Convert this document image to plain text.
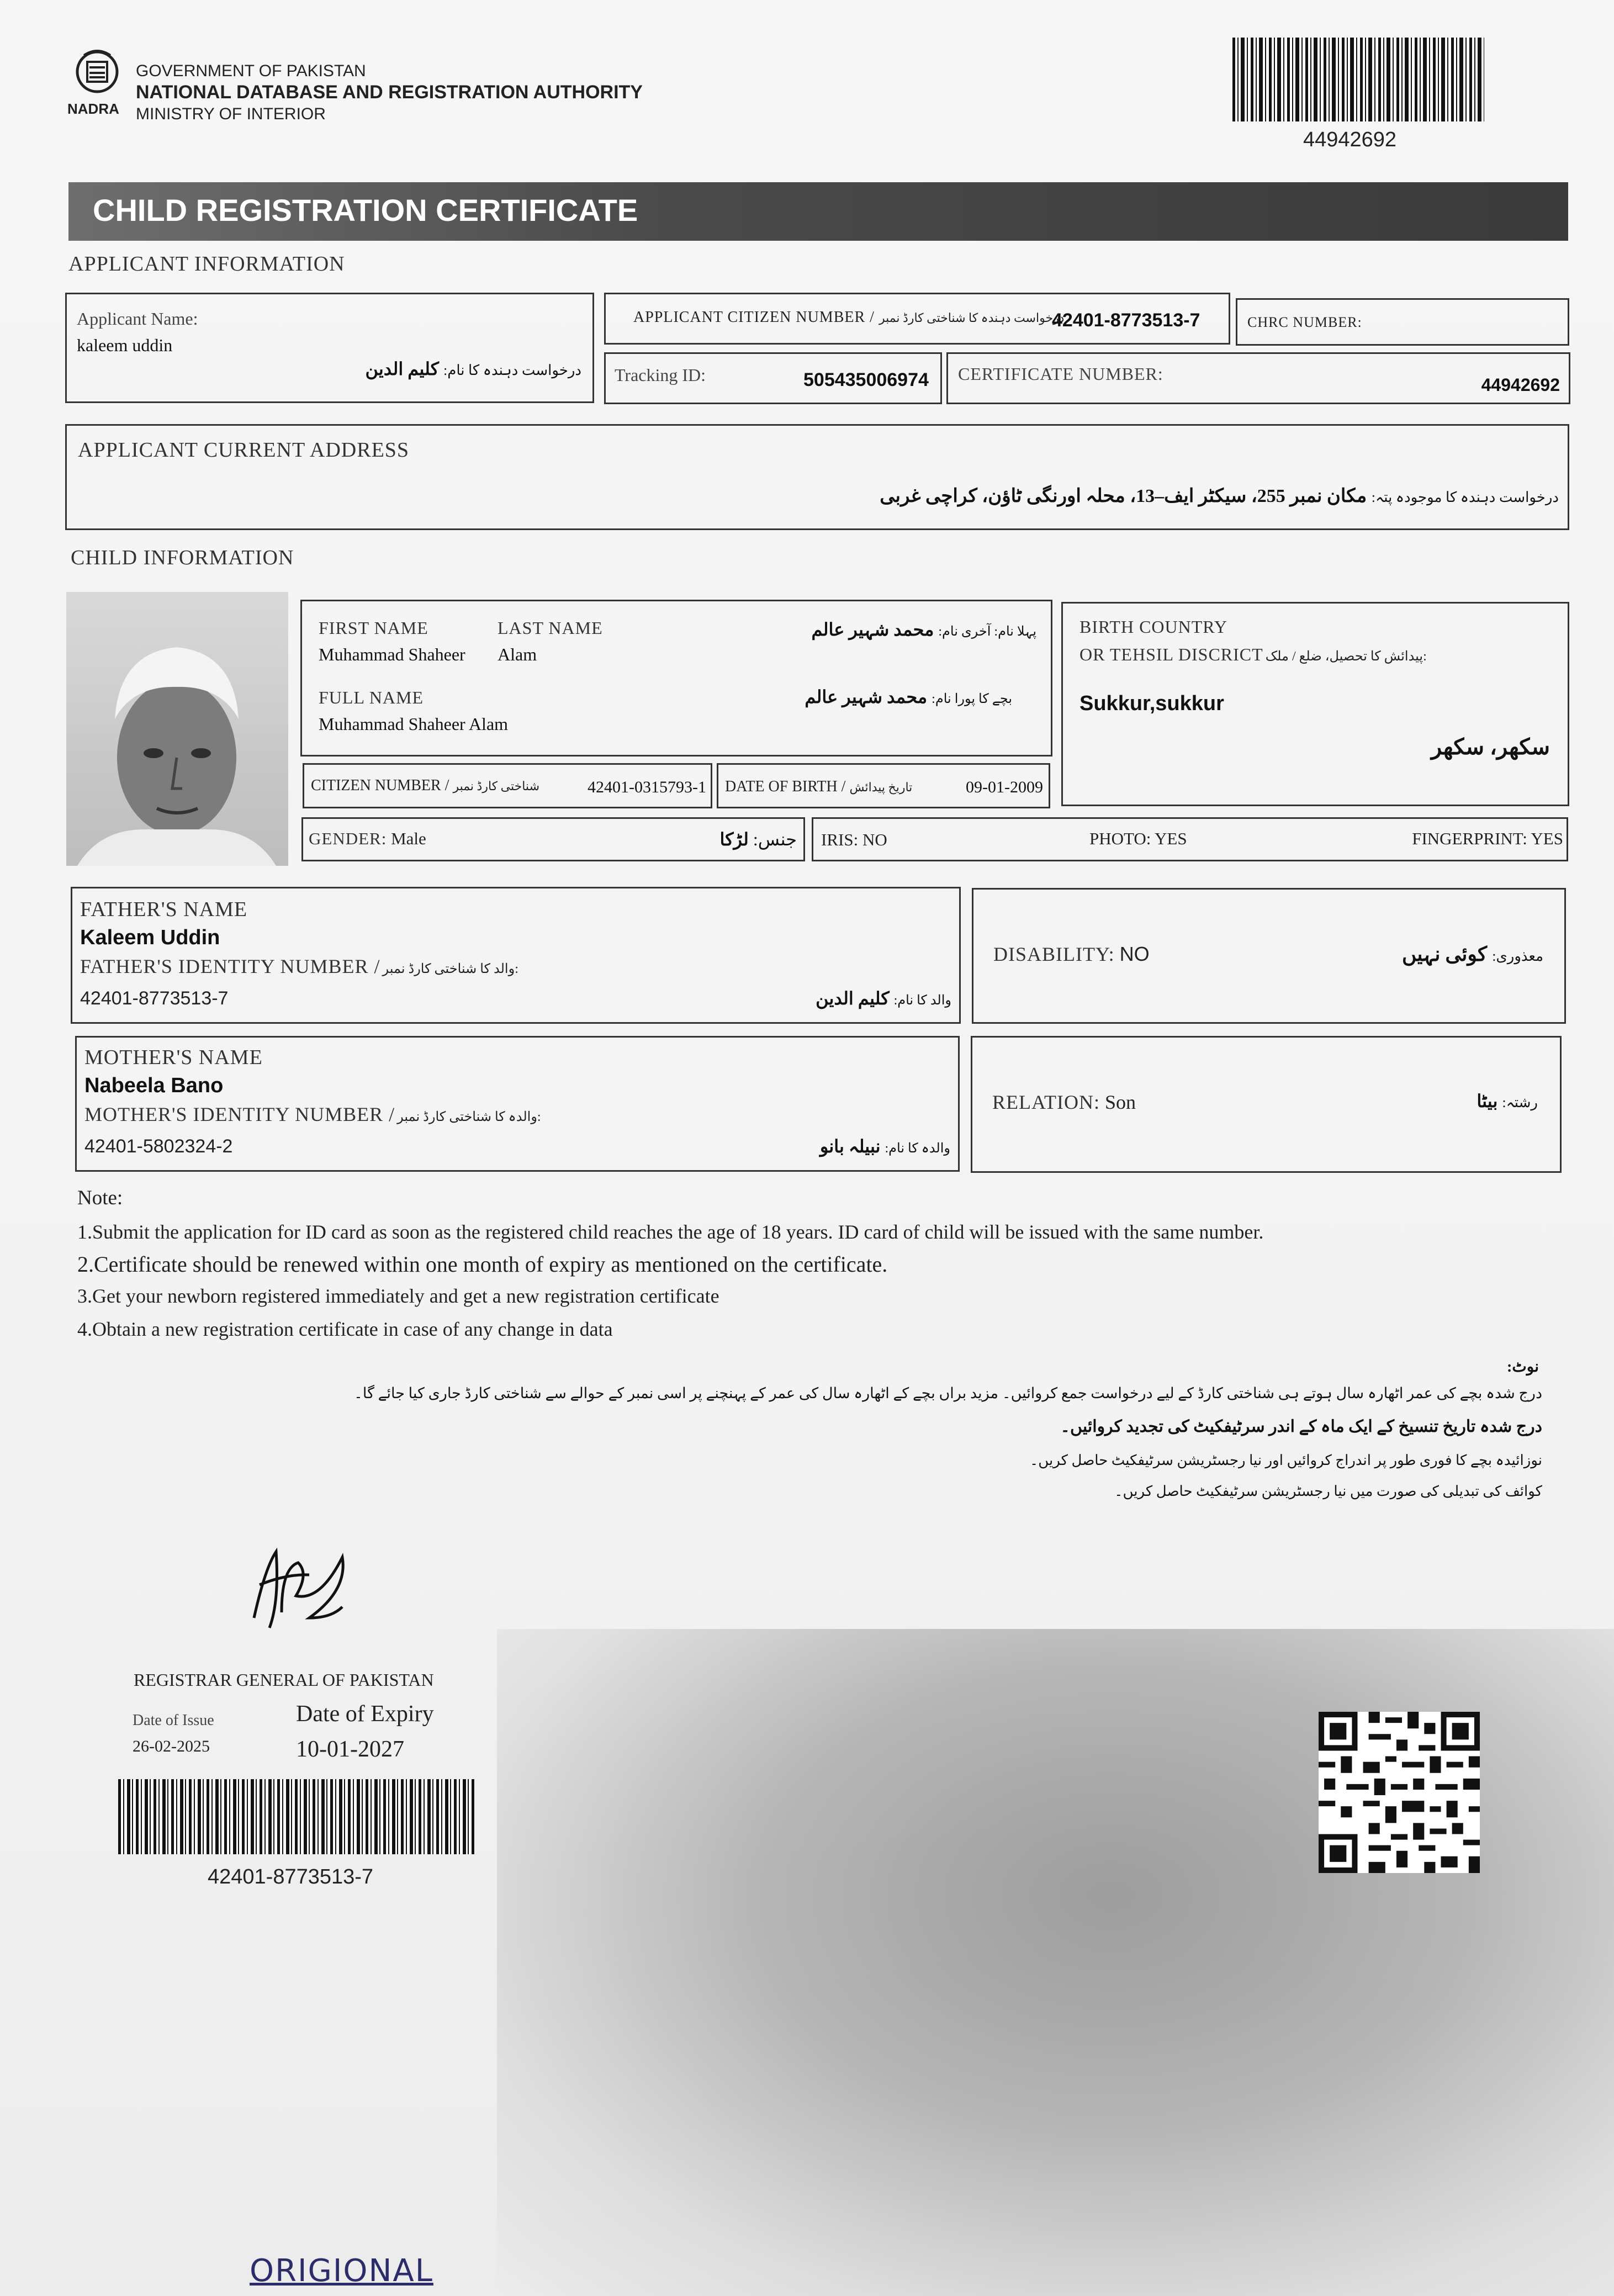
NADRA
GOVERNMENT OF PAKISTAN
NATIONAL DATABASE AND REGISTRATION AUTHORITY
MINISTRY OF INTERIOR
44942692
CHILD REGISTRATION CERTIFICATE
APPLICANT INFORMATION
Applicant Name:
kaleem uddin
درخواست دہندہ کا نام: کلیم الدین
APPLICANT CITIZEN NUMBER / درخواست دہندہ کا شناختی کارڈ نمبر
42401-8773513-7	CHRC NUMBER:
Tracking ID:	505435006974 CERTIFICATE NUMBER:
44942692
APPLICANT CURRENT ADDRESS
درخواست دہندہ کا موجودہ پتہ: مکان نمبر 255، سیکٹر ایف–13، محلہ اورنگی ٹاؤن، کراچی غربی
CHILD INFORMATION
FIRST NAME
Muhammad Shaheer
LAST NAME
Alam
پہلا نام: آخری نام: محمد شہیر عالم
FULL NAME
Muhammad Shaheer Alam
بچے کا پورا نام: محمد شہیر عالم
BIRTH COUNTRY
OR TEHSIL DISCRICT پیدائش کا تحصیل، ضلع / ملک:
Sukkur,sukkur
سکھر، سکھر
CITIZEN NUMBER / شناختی کارڈ نمبر	42401-0315793-1 DATE OF BIRTH / تاریخ پیدائش	09-01-2009
GENDER: Male	جنس: لڑکا	IRIS: NO	PHOTO: YES	FINGERPRINT: YES
FATHER'S NAME
Kaleem Uddin
FATHER'S IDENTITY NUMBER / والد کا شناختی کارڈ نمبر:
42401-8773513-7	والد کا نام: کلیم الدین
DISABILITY: NO	معذوری: کوئی نہیں
MOTHER'S NAME
Nabeela Bano
MOTHER'S IDENTITY NUMBER / والدہ کا شناختی کارڈ نمبر:
42401-5802324-2	والدہ کا نام: نبیلہ بانو
RELATION: Son	رشتہ: بیٹا
Note:
1.Submit the application for ID card as soon as the registered child reaches the age of 18 years. ID card of child will be issued with the same number.
2.Certificate should be renewed within one month of expiry as mentioned on the certificate.
3.Get your newborn registered immediately and get a new registration certificate
4.Obtain a new registration certificate in case of any change in data
نوٹ:
درج شدہ بچے کی عمر اٹھارہ سال ہوتے ہی شناختی کارڈ کے لیے درخواست جمع کروائیں۔ مزید براں بچے کے اٹھارہ سال کی عمر کے پہنچنے پر اسی نمبر کے حوالے سے شناختی کارڈ جاری کیا جائے گا۔
درج شدہ تاریخ تنسیخ کے ایک ماہ کے اندر سرٹیفکیٹ کی تجدید کروائیں۔
نوزائیدہ بچے کا فوری طور پر اندراج کروائیں اور نیا رجسٹریشن سرٹیفکیٹ حاصل کریں۔
کوائف کی تبدیلی کی صورت میں نیا رجسٹریشن سرٹیفکیٹ حاصل کریں۔
REGISTRAR GENERAL OF PAKISTAN
Date of Issue
26-02-2025
Date of Expiry
10-01-2027
42401-8773513-7
ORIGIONAL
